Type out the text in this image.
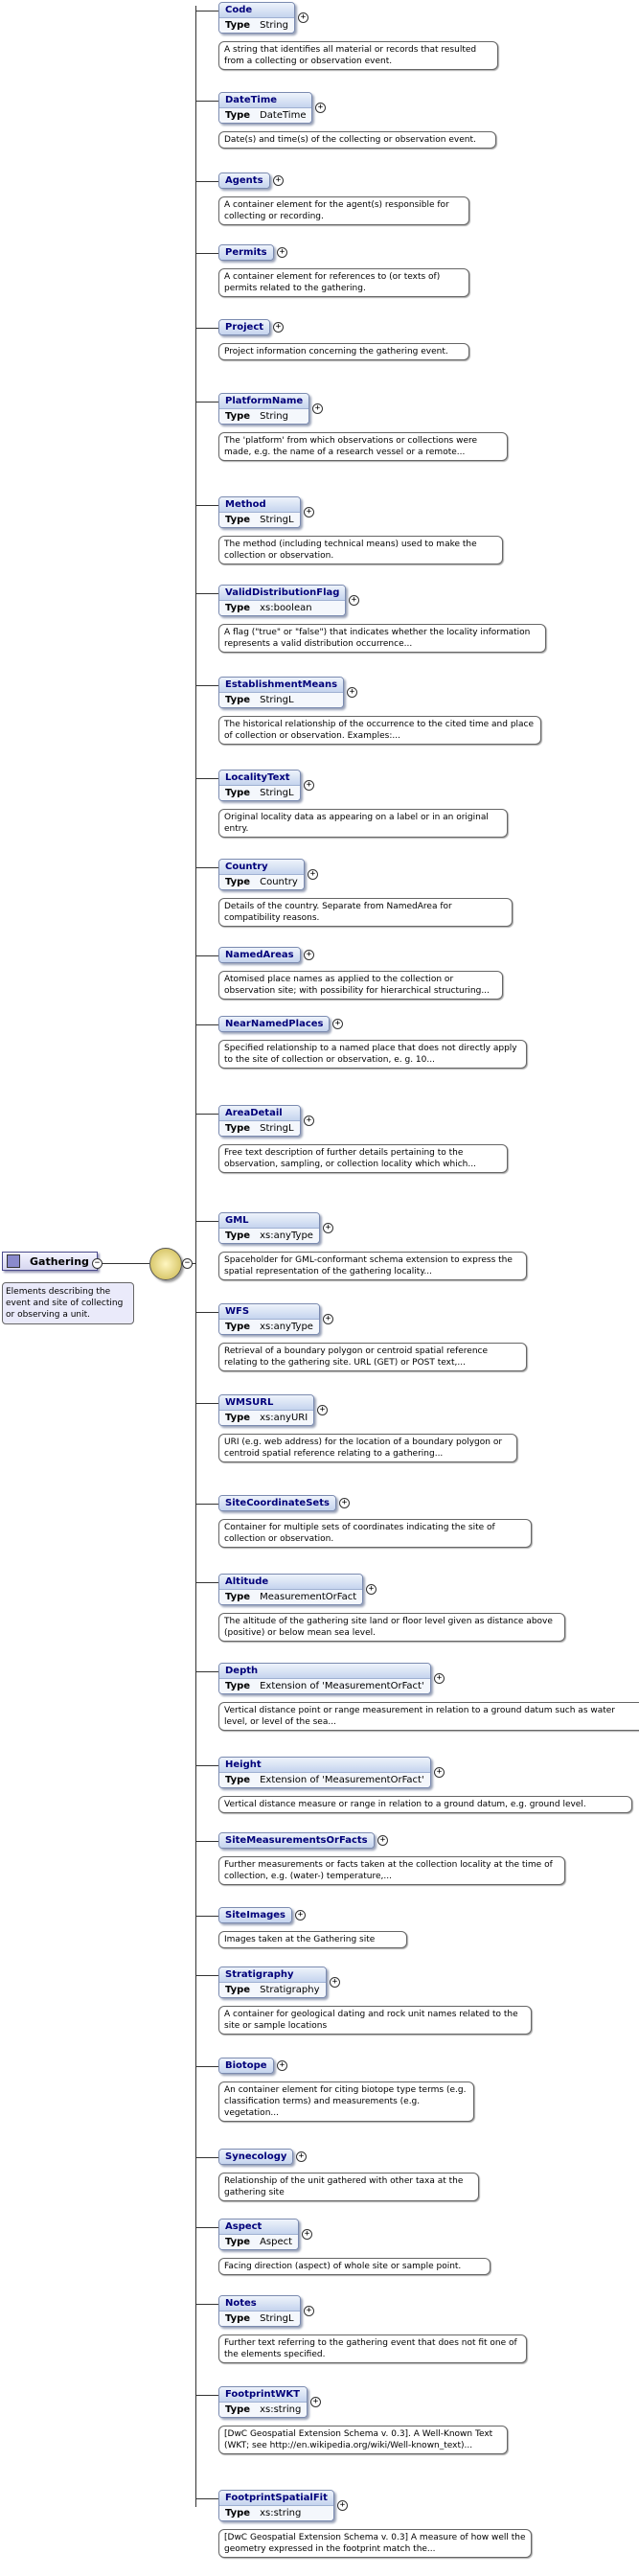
Code
Type String
+
A string that identifies all material or records that resulted from a collecting or observation event.
DateTime
Type DateTime
+
Date(s) and time(s) of the collecting or observation event.
Agents	+
A container element for the agent(s) responsible for collecting or recording.
Permits	+
A container element for references to (or texts of) permits related to the gathering.
Project	+
Project information concerning the gathering event.
PlatformName
Type String
+
The 'platform' from which observations or collections were made, e.g. the name of a research vessel or a remote...
Method
Type StringL
+
The method (including technical means) used to make the collection or observation.
ValidDistributionFlag
Type xs:boolean
+
A flag ("true" or "false") that indicates whether the locality information represents a valid distribution occurrence...
EstablishmentMeans
Type StringL
+
The historical relationship of the occurrence to the cited time and place of collection or observation. Examples:...
LocalityText
Type StringL
+
Original locality data as appearing on a label or in an original entry.
Country
Type Country
+
Details of the country. Separate from NamedArea for compatibility reasons.
NamedAreas	+
Atomised place names as applied to the collection or observation site; with possibility for hierarchical structuring...
NearNamedPlaces	+
Specified relationship to a named place that does not directly apply to the site of collection or observation, e. g. 10...
AreaDetail
Type StringL
+
Free text description of further details pertaining to the observation, sampling, or collection locality which which...
GML
Type xs:anyType
+
Spaceholder for GML-conformant schema extension to express the spatial representation of the gathering locality...
WFS
Type xs:anyType
+
Retrieval of a boundary polygon or centroid spatial reference relating to the gathering site. URL (GET) or POST text,...
WMSURL
Type xs:anyURI
+
URI (e.g. web address) for the location of a boundary polygon or centroid spatial reference relating to a gathering...
SiteCoordinateSets	+
Container for multiple sets of coordinates indicating the site of collection or observation.
Altitude
Type MeasurementOrFact
+
The altitude of the gathering site land or floor level given as distance above (positive) or below mean sea level.
Depth
Type Extension of 'MeasurementOrFact'
+
Vertical distance point or range measurement in relation to a ground datum such as water level, or level of the sea...
Height
Type Extension of 'MeasurementOrFact'
+
Vertical distance measure or range in relation to a ground datum, e.g. ground level.
SiteMeasurementsOrFacts	+
Further measurements or facts taken at the collection locality at the time of collection, e.g. (water-) temperature,...
SiteImages	+
Images taken at the Gathering site
Stratigraphy
Type Stratigraphy
+
A container for geological dating and rock unit names related to the site or sample locations
Biotope	+
An container element for citing biotope type terms (e.g. classification terms) and measurements (e.g. vegetation...
Synecology	+
Relationship of the unit gathered with other taxa at the gathering site
Aspect
Type Aspect
+
Facing direction (aspect) of whole site or sample point.
Notes
Type StringL
+
Further text referring to the gathering event that does not fit one of the elements specified.
FootprintWKT
Type xs:string
+
[DwC Geospatial Extension Schema v. 0.3]. A Well-Known Text (WKT; see http://en.wikipedia.org/wiki/Well-known_text)...
FootprintSpatialFit
Type xs:string
+
[DwC Geospatial Extension Schema v. 0.3] A measure of how well the geometry expressed in the footprint match the...
Gathering −
Elements describing the event and site of collecting or observing a unit.
−
